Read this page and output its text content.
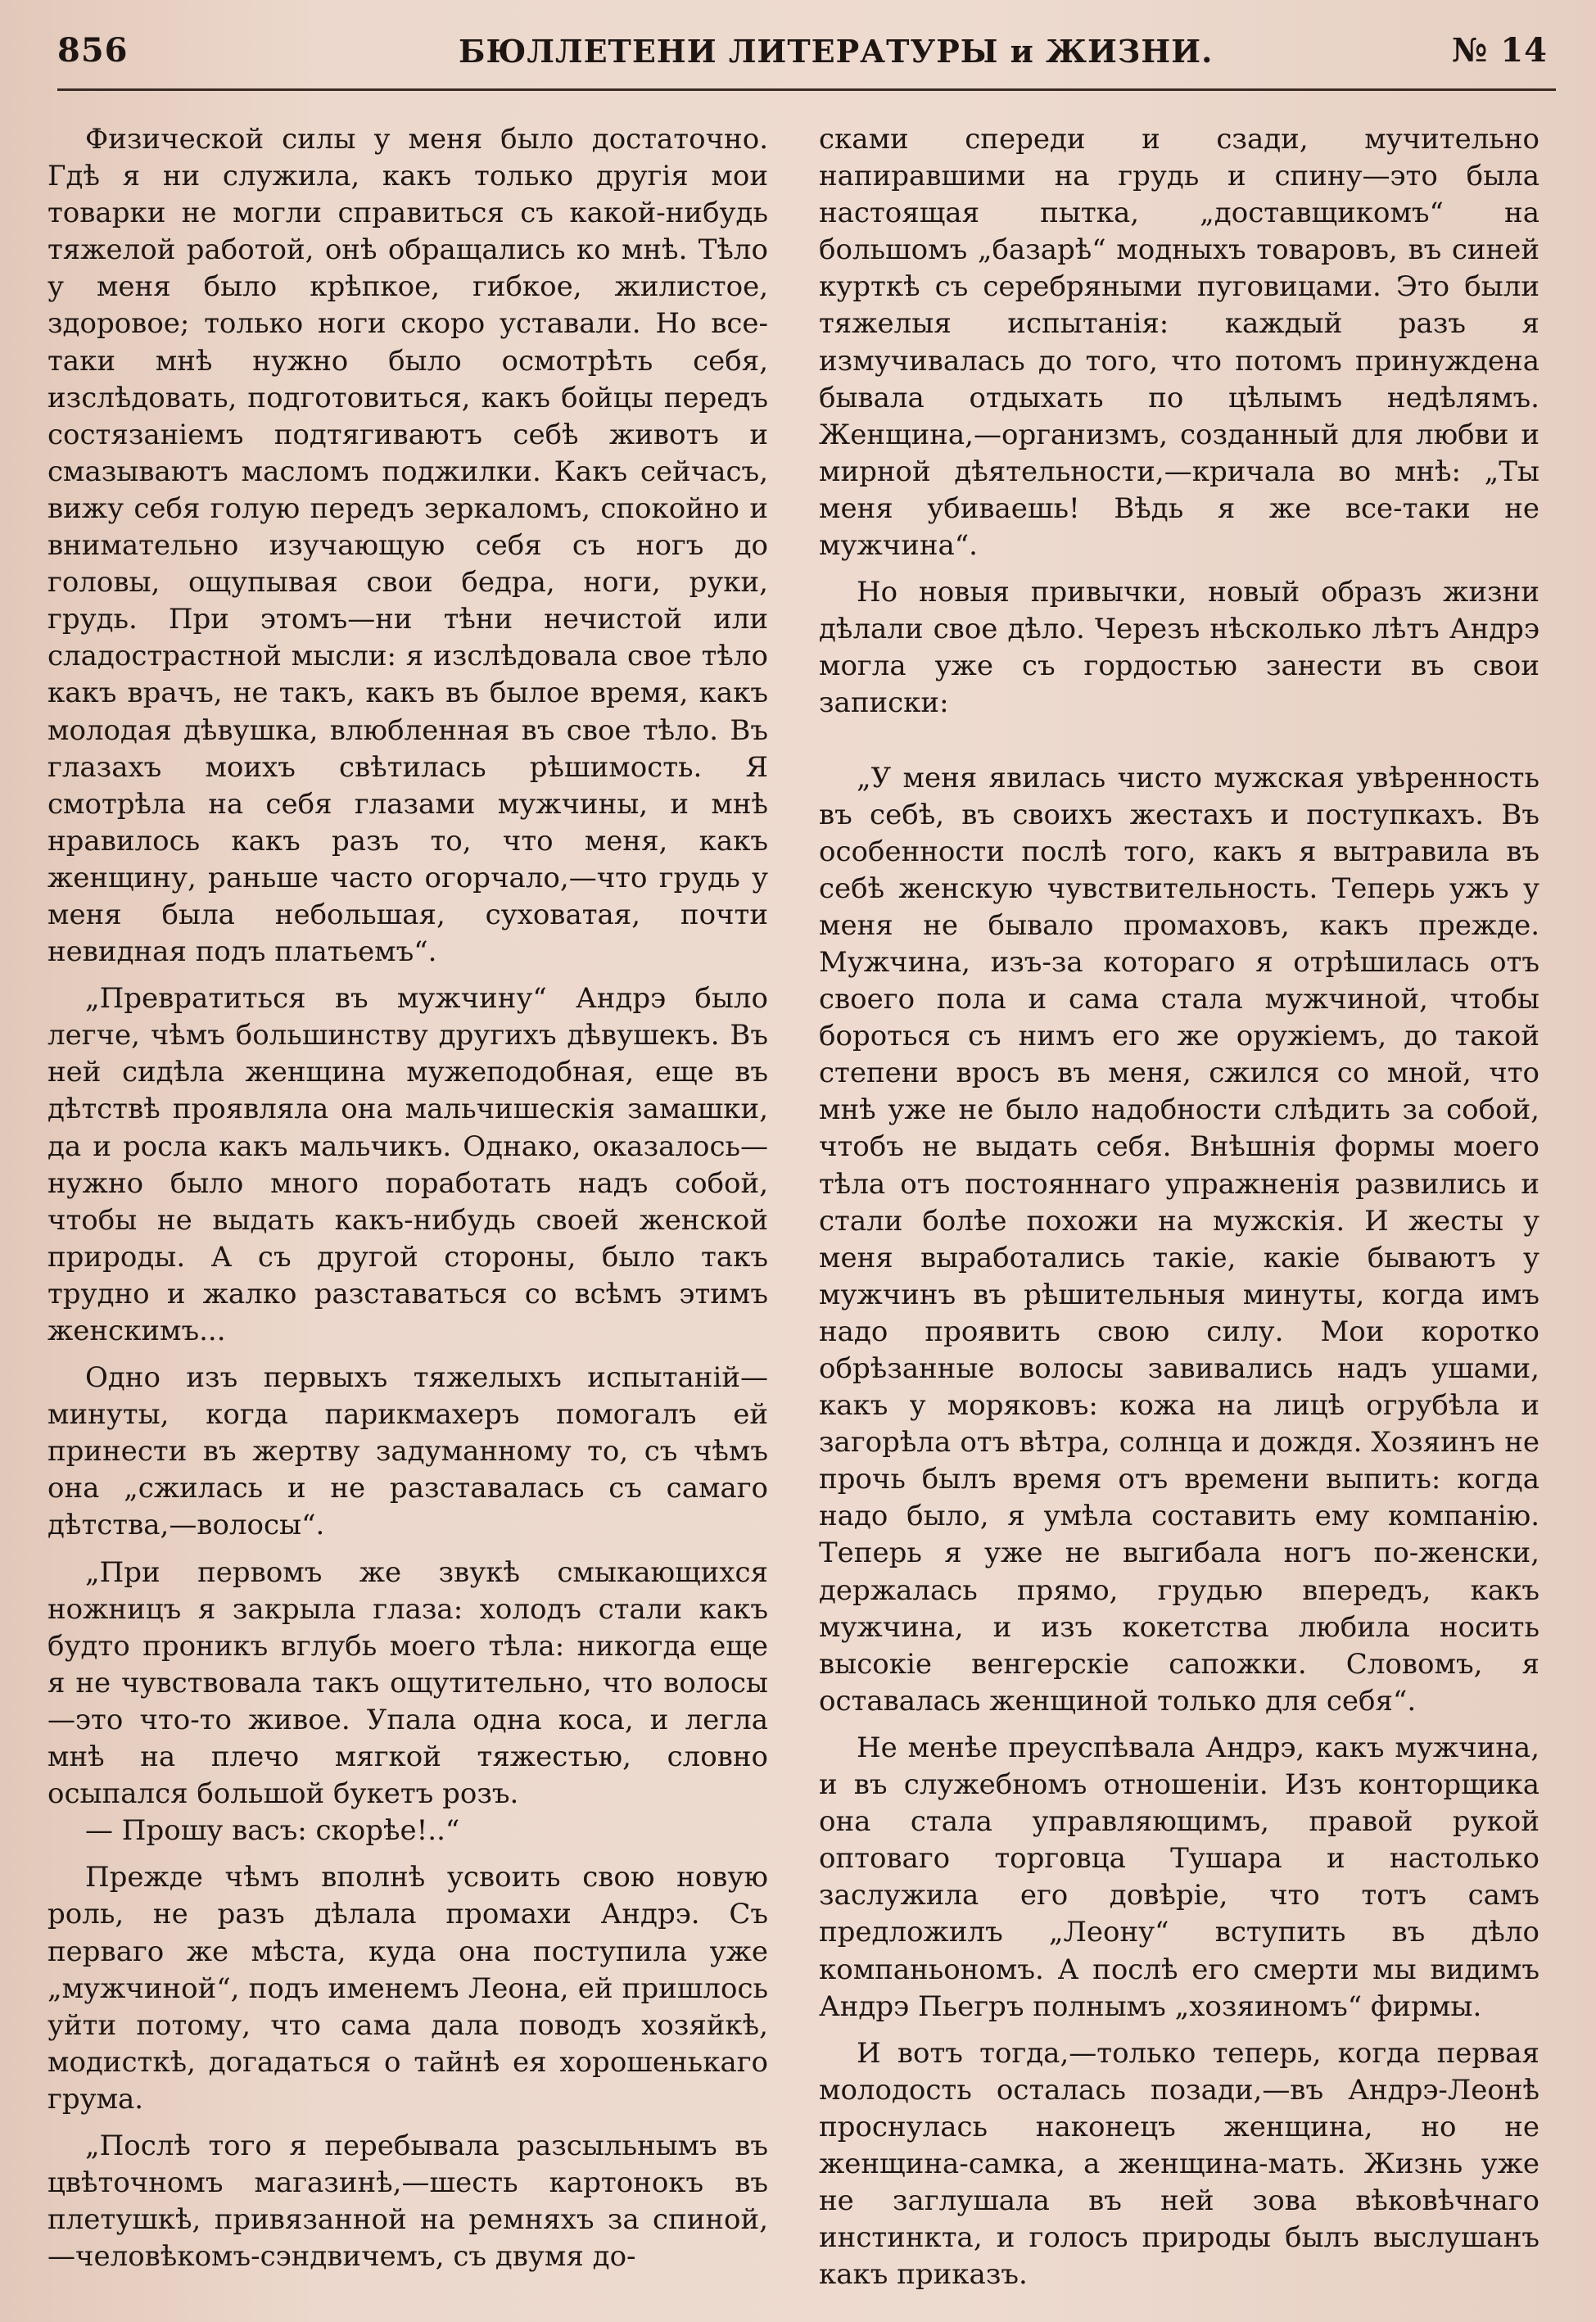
856	БЮЛЛЕТЕНИ ЛИТЕРАТУРЫ и ЖИЗНИ.	№ 14

Физической силы у меня было достаточно. Гдѣ я ни служила, какъ только другія мои товарки не могли справиться съ какой-нибудь тяжелой работой, онѣ обращались ко мнѣ. Тѣло у меня было крѣпкое, гибкое, жилистое, здоровое; только ноги скоро уставали. Но все-таки мнѣ нужно было осмотрѣть себя, изслѣдовать, подготовиться, какъ бойцы передъ состязаніемъ подтягиваютъ себѣ животъ и смазываютъ масломъ поджилки. Какъ сейчасъ, вижу себя голую передъ зеркаломъ, спокойно и внимательно изучающую себя съ ногъ до головы, ощупывая свои бедра, ноги, руки, грудь. При этомъ—ни тѣни нечистой или сладострастной мысли: я изслѣдовала свое тѣло какъ врачъ, не такъ, какъ въ былое время, какъ молодая дѣвушка, влюбленная въ свое тѣло. Въ глазахъ моихъ свѣтилась рѣшимость. Я смотрѣла на себя глазами мужчины, и мнѣ нравилось какъ разъ то, что меня, какъ женщину, раньше часто огорчало,—что грудь у меня была небольшая, суховатая, почти невидная подъ платьемъ“.

„Превратиться въ мужчину“ Андрэ было легче, чѣмъ большинству другихъ дѣвушекъ. Въ ней сидѣла женщина мужеподобная, еще въ дѣтствѣ проявляла она мальчишескія замашки, да и росла какъ мальчикъ. Однако, оказалось—нужно было много поработать надъ собой, чтобы не выдать какъ-нибудь своей женской природы. А съ другой стороны, было такъ трудно и жалко разставаться со всѣмъ этимъ женскимъ...

Одно изъ первыхъ тяжелыхъ испытаній—минуты, когда парикмахеръ помогалъ ей принести въ жертву задуманному то, съ чѣмъ она „сжилась и не разставалась съ самаго дѣтства,—волосы“.

„При первомъ же звукѣ смыкающихся ножницъ я закрыла глаза: холодъ стали какъ будто проникъ вглубь моего тѣла: никогда еще я не чувствовала такъ ощутительно, что волосы—это что-то живое. Упала одна коса, и легла мнѣ на плечо мягкой тяжестью, словно осыпался большой букетъ розъ.

— Прошу васъ: скорѣе!..“

Прежде чѣмъ вполнѣ усвоить свою новую роль, не разъ дѣлала промахи Андрэ. Съ перваго же мѣста, куда она поступила уже „мужчиной“, подъ именемъ Леона, ей пришлось уйти потому, что сама дала поводъ хозяйкѣ, модисткѣ, догадаться о тайнѣ ея хорошенькаго грума.

„Послѣ того я перебывала разсыльнымъ въ цвѣточномъ магазинѣ,—шесть картонокъ въ плетушкѣ, привязанной на ремняхъ за спиной,—человѣкомъ-сэндвичемъ, съ двумя до-

сками спереди и сзади, мучительно напиравшими на грудь и спину—это была настоящая пытка, „доставщикомъ“ на большомъ „базарѣ“ модныхъ товаровъ, въ синей курткѣ съ серебряными пуговицами. Это были тяжелыя испытанія: каждый разъ я измучивалась до того, что потомъ принуждена бывала отдыхать по цѣлымъ недѣлямъ. Женщина,—организмъ, созданный для любви и мирной дѣятельности,—кричала во мнѣ: „Ты меня убиваешь! Вѣдь я же все-таки не мужчина“.

Но новыя привычки, новый образъ жизни дѣлали свое дѣло. Черезъ нѣсколько лѣтъ Андрэ могла уже съ гордостью занести въ свои записки:

„У меня явилась чисто мужская увѣренность въ себѣ, въ своихъ жестахъ и поступкахъ. Въ особенности послѣ того, какъ я вытравила въ себѣ женскую чувствительность. Теперь ужъ у меня не бывало промаховъ, какъ прежде. Мужчина, изъ-за котораго я отрѣшилась отъ своего пола и сама стала мужчиной, чтобы бороться съ нимъ его же оружіемъ, до такой степени вросъ въ меня, сжился со мной, что мнѣ уже не было надобности слѣдить за собой, чтобъ не выдать себя. Внѣшнія формы моего тѣла отъ постояннаго упражненія развились и стали болѣе похожи на мужскія. И жесты у меня выработались такіе, какіе бываютъ у мужчинъ въ рѣшительныя минуты, когда имъ надо проявить свою силу. Мои коротко обрѣзанные волосы завивались надъ ушами, какъ у моряковъ: кожа на лицѣ огрубѣла и загорѣла отъ вѣтра, солнца и дождя. Хозяинъ не прочь былъ время отъ времени выпить: когда надо было, я умѣла составить ему компанію. Теперь я уже не выгибала ногъ по-женски, держалась прямо, грудью впередъ, какъ мужчина, и изъ кокетства любила носить высокіе венгерскіе сапожки. Словомъ, я оставалась женщиной только для себя“.

Не менѣе преуспѣвала Андрэ, какъ мужчина, и въ служебномъ отношеніи. Изъ конторщика она стала управляющимъ, правой рукой оптоваго торговца Тушара и настолько заслужила его довѣріе, что тотъ самъ предложилъ „Леону“ вступить въ дѣло компаньономъ. А послѣ его смерти мы видимъ Андрэ Пьегръ полнымъ „хозяиномъ“ фирмы.

И вотъ тогда,—только теперь, когда первая молодость осталась позади,—въ Андрэ-Леонѣ проснулась наконецъ женщина, но не женщина-самка, а женщина-мать. Жизнь уже не заглушала въ ней зова вѣковѣчнаго инстинкта, и голосъ природы былъ выслушанъ какъ приказъ.
